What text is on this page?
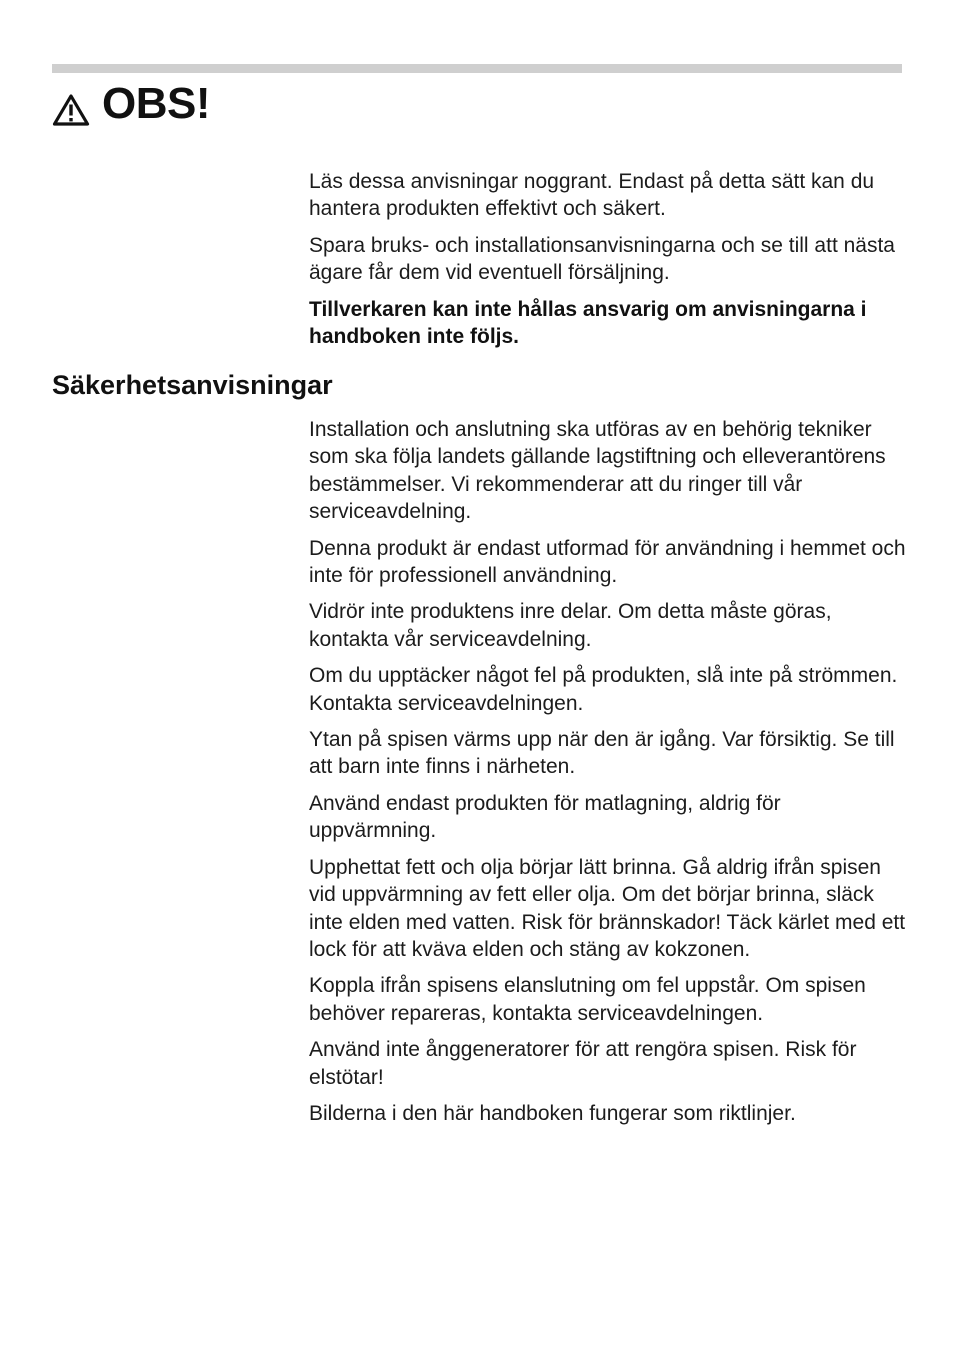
OBS!

Läs dessa anvisningar noggrant. Endast på detta sätt kan du hantera produkten effektivt och säkert.

Spara bruks- och installationsanvisningarna och se till att nästa ägare får dem vid eventuell försäljning.

Tillverkaren kan inte hållas ansvarig om anvisningarna i handboken inte följs.

Säkerhetsanvisningar

Installation och anslutning ska utföras av en behörig tekniker som ska följa landets gällande lagstiftning och elleverantörens bestämmelser. Vi rekommenderar att du ringer till vår serviceavdelning.

Denna produkt är endast utformad för användning i hemmet och inte för professionell användning.

Vidrör inte produktens inre delar. Om detta måste göras, kontakta vår serviceavdelning.

Om du upptäcker något fel på produkten, slå inte på strömmen. Kontakta serviceavdelningen.

Ytan på spisen värms upp när den är igång. Var försiktig. Se till att barn inte finns i närheten.

Använd endast produkten för matlagning, aldrig för uppvärmning.

Upphettat fett och olja börjar lätt brinna. Gå aldrig ifrån spisen vid uppvärmning av fett eller olja. Om det börjar brinna, släck inte elden med vatten. Risk för brännskador! Täck kärlet med ett lock för att kväva elden och stäng av kokzonen.

Koppla ifrån spisens elanslutning om fel uppstår. Om spisen behöver repareras, kontakta serviceavdelningen.

Använd inte ånggeneratorer för att rengöra spisen. Risk för elstötar!

Bilderna i den här handboken fungerar som riktlinjer.
